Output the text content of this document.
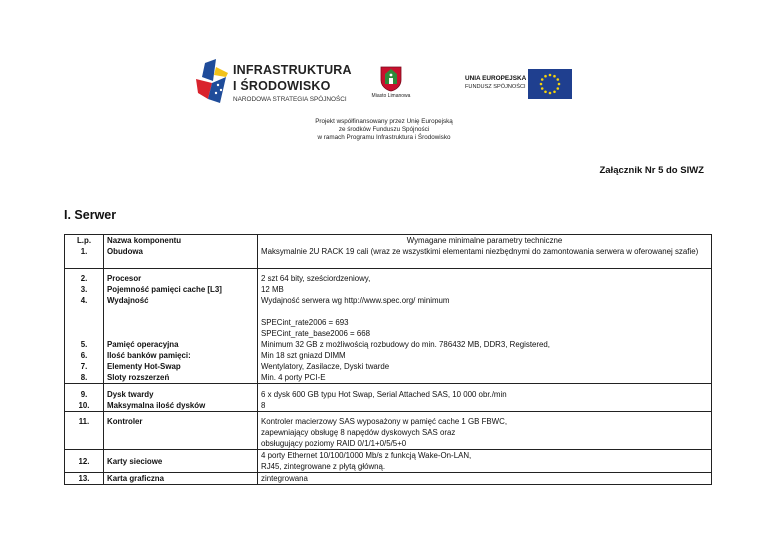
INFRASTRUKTURA
I ŚRODOWISKO
NARODOWA STRATEGIA SPÓJNOŚCI	Miasto Limanowa
UNIA EUROPEJSKA
FUNDUSZ SPÓJNOŚCI
Projekt współfinansowany przez Unię Europejską
ze środków Funduszu Spójności
w ramach Programu Infrastruktura i Środowisko
Załącznik Nr 5 do SIWZ
I. Serwer
L.p.	Nazwa komponentu	Wymagane minimalne parametry techniczne
1.	Obudowa	Maksymalnie 2U RACK 19 cali (wraz ze wszystkimi elementami niezbędnymi do zamontowania serwera w oferowanej szafie)

2.	Procesor	2 szt 64 bity, sześciordzeniowy,
3.	Pojemność pamięci cache [L3]	12 MB
4.	Wydajność	Wydajność serwera wg http://www.spec.org/ minimum
SPECint_rate2006 = 693
SPECint_rate_base2006 = 668

5.	Pamięć operacyjna	Minimum 32 GB z możliwością rozbudowy do min. 786432 MB, DDR3, Registered,
6.	Ilość banków pamięci:	Min 18 szt gniazd DIMM
7.	Elementy Hot-Swap	Wentylatory, Zasilacze, Dyski twarde
8.	Sloty rozszerzeń	Min. 4 porty PCI-E

9.	Dysk twardy	6 x dysk 600 GB typu Hot Swap, Serial Attached SAS, 10 000 obr./min
10.	Maksymalna ilość dysków	8

11.	Kontroler	Kontroler macierzowy SAS wyposażony w pamięć cache 1 GB FBWC,
zapewniający obsługę 8 napędów dyskowych SAS oraz
obsługujący poziomy RAID 0/1/1+0/5/5+0

12.	Karty sieciowe	4 porty Ethernet 10/100/1000 Mb/s z funkcją Wake-On-LAN,
RJ45, zintegrowane z płytą główną.

13.	Karta graficzna	zintegrowana
